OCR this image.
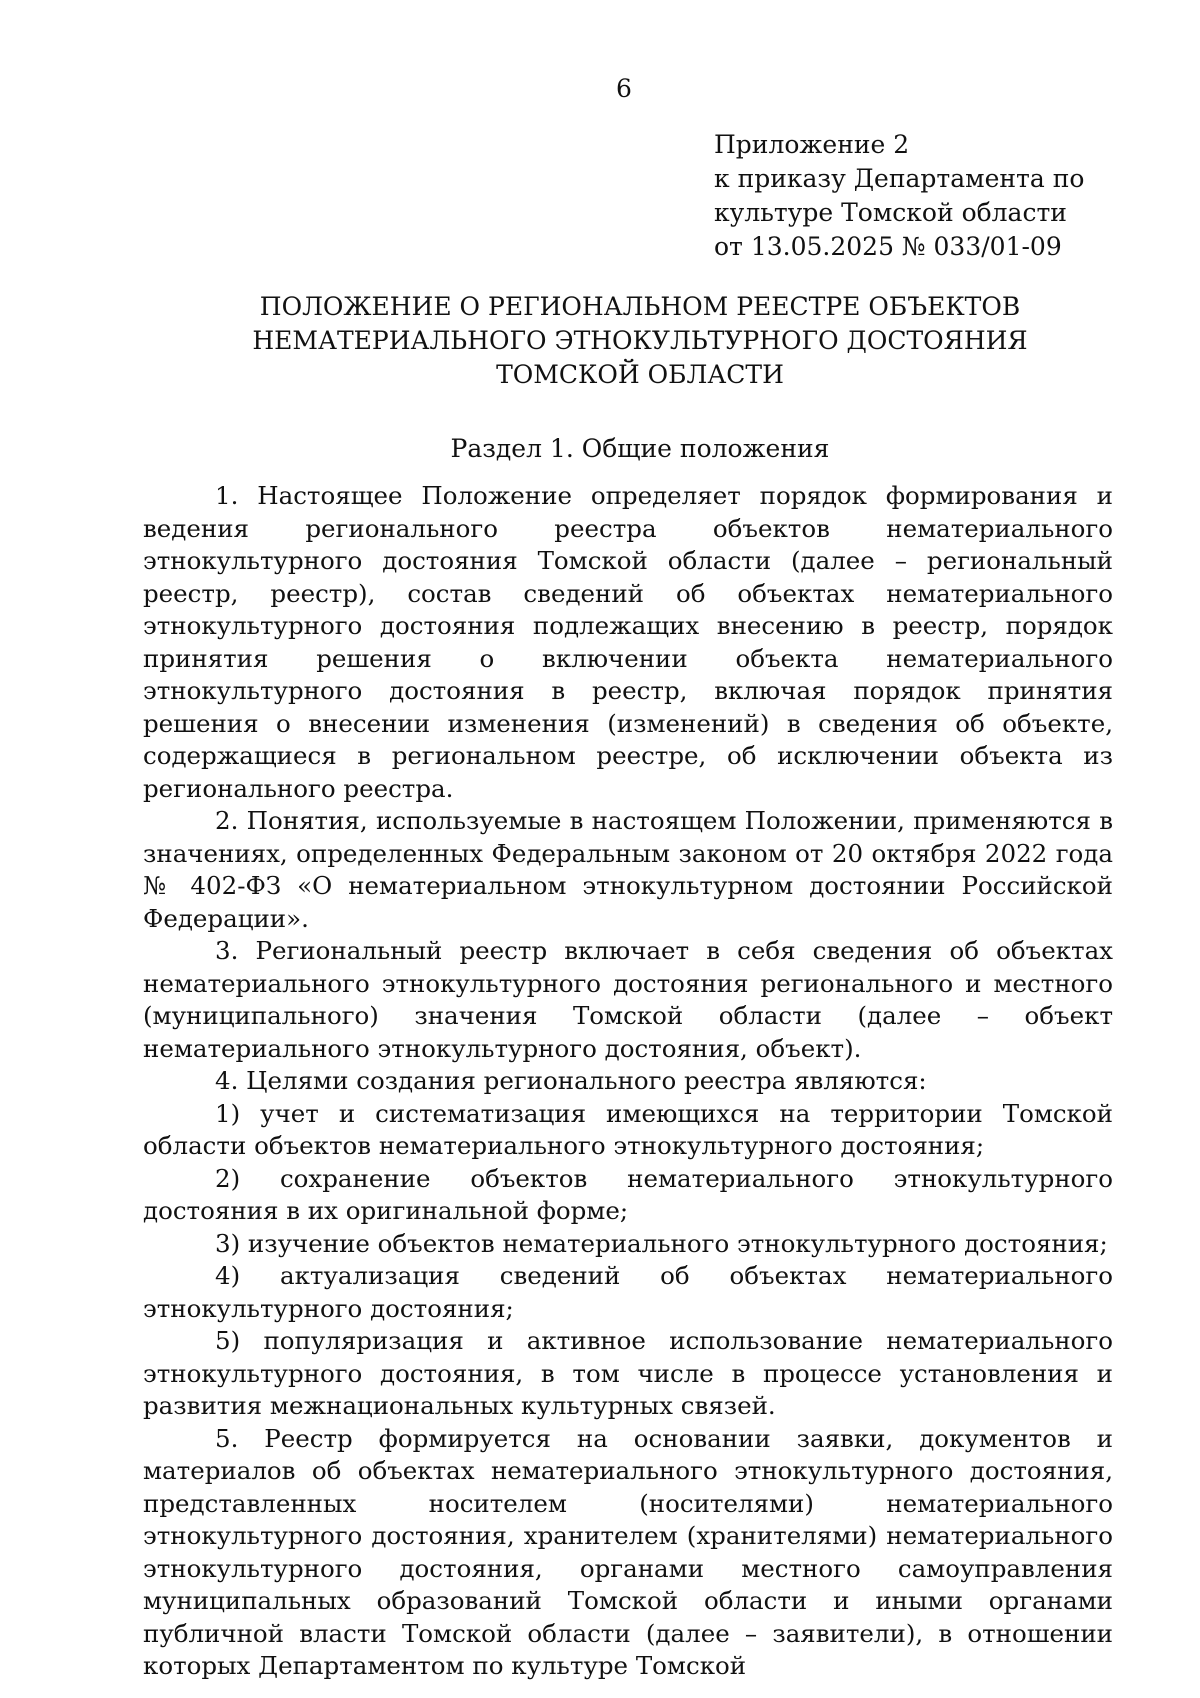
6
Приложение 2
к приказу Департамента по
культуре Томской области
от 13.05.2025 № 033/01-09
ПОЛОЖЕНИЕ О РЕГИОНАЛЬНОМ РЕЕСТРЕ ОБЪЕКТОВ
НЕМАТЕРИАЛЬНОГО ЭТНОКУЛЬТУРНОГО ДОСТОЯНИЯ
ТОМСКОЙ ОБЛАСТИ
Раздел 1. Общие положения

1. Настоящее Положение определяет порядок формирования и ведения регионального реестра объектов нематериального этнокультурного достояния Томской области (далее – региональный реестр, реестр), состав сведений об объектах нематериального этнокультурного достояния подлежащих внесению в реестр, порядок принятия решения о включении объекта нематериального этнокультурного достояния в реестр, включая порядок принятия решения о внесении изменения (изменений) в сведения об объекте, содержащиеся в региональном реестре, об исключении объекта из регионального реестра.

2. Понятия, используемые в настоящем Положении, применяются в значениях, определенных Федеральным законом от 20 октября 2022 года № 402-ФЗ «О нематериальном этнокультурном достоянии Российской Федерации».

3. Региональный реестр включает в себя сведения об объектах нематериального этнокультурного достояния регионального и местного (муниципального) значения Томской области (далее – объект нематериального этнокультурного достояния, объект).

4. Целями создания регионального реестра являются:

1) учет и систематизация имеющихся на территории Томской области объектов нематериального этнокультурного достояния;

2) сохранение объектов нематериального этнокультурного достояния в их оригинальной форме;

3) изучение объектов нематериального этнокультурного достояния;

4) актуализация сведений об объектах нематериального этнокультурного достояния;

5) популяризация и активное использование нематериального этнокультурного достояния, в том числе в процессе установления и развития межнациональных культурных связей.

5. Реестр формируется на основании заявки, документов и материалов об объектах нематериального этнокультурного достояния, представленных носителем (носителями) нематериального этнокультурного достояния, хранителем (хранителями) нематериального этнокультурного достояния, органами местного самоуправления муниципальных образований Томской области и иными органами публичной власти Томской области (далее – заявители), в отношении которых Департаментом по культуре Томской
